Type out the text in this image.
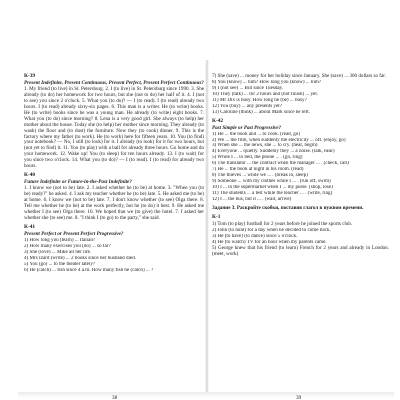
К-39
Present Indefinite, Present Continuous, Present Perfect, Present Perfect Continuous?
1. My friend (to live) in St. Petersburg. 2. I (to live) in St. Petersburg since 1990. 3. She already (to do) her homework for two hours, but she (not to do) her half of it. 4. I (not to see) you since 2 o'clock. 5. What you (to do)? — I (to read). I (to read) already two hours. I (to read) already sixty-six pages. 6. This man is a writer. He (to write) books. He (to write) books since he was a young man. He already (to write) eight books. 7. What you (to do) since morning? 8. Lena is a very good girl. She always (to help) her mother about the house. Today she (to help) her mother since morning. They already (to wash) the floor and (to dust) the furniture. Now they (to cook) dinner. 9. This is the factory where my father (to work). He (to work) here for fifteen years. 10. You (to find) your notebook? — No, I still (to look) for it. I already (to look) for it for two hours, but (not yet to find) it. 11. You (to play) with a ball for already three hours. Go home and do your homework. 12. Wake up! You (to sleep) for ten hours already. 13. I (to wait) for you since two o'clock. 14. What you (to do)? — I (to read). I (to read) for already two hours.
К-40
Future Indefinite or Future-in-the-Past Indefinite?
1. I know we (not to be) late. 2. I asked whether he (to be) at home. 3. "When you (to be) ready?" he asked. 4. I ask my teacher whether he (to be) late. 5. He asked me (to be) at home. 6. I know we (not to be) late. 7. I don't know whether (to see) Olga there. 8. Tell me whether he (to be) at the work perfectly, but he (to do) it best. 9. He asked me whether I (to see) Olga there. 10. We hoped that we (to give) the hotel. 7. I asked her whether she (to see) me. 8. "I think I (to go) to the party," she said.
К-41
Present Perfect or Present Perfect Progressive?
1) How long you (learn) ... Italian?
2) How many exercises you (do) ... so far?
3) She (love) ... Mike all her life.
4) Mrs Izard (write) ... 2 books since her husband died.
5) You (go) ... to the theater lately?
6) He (catch) ... fish since 4 a.m. How many fish he (catch) ... ?
38
7) She (save) ... money for her holiday since January. She (save) ... 300 dollars so far.
8) You (know) ... him? How long you (know) ... him?
9) I (not see) ... Bill since Tuesday.
10) They (talk) ... for 2 hours and (not finish) ... yet.
11) Mr Dix is busy. How long he (be) ... busy?
12) You (buy) ... any presents yet?
13) Caroline (think) ... about Mark since he left.
К-42
Past Simple or Past Progressive?
1) He ... the book and ... to cook. (read, go)
2) We ... the film, when suddenly the electricity ... off. (enjoy, go)
3) When she ... the news, she ... to cry. (hear, begin)
4) Everyone ... quietly. Suddenly they ... a noise. (talk, hear)
5) While I ... to bed, the phone ... . (go, ring)
6) The translator ... the contract when the manager ... . (check, call)
7) He ... the book at night in his room. (read)
8) The thieves ... while we ... . (break in, sleep)
9) Someone ... with my clothes while I ... . (run off, swim)
10) I ... in the supermarket when I ... my purse. (shop, lose)
11) The students ... a test while the teacher ... . (write, ring)
12) I ... the bus, but it ... . (wait, arrive)
Задание 3. Раскройте скобки, поставив глагол в нужном времени.
К-1
1) Tom (to play) football for 2 years before he joined the sports club.
2) John (to hunt) for a day when he decided to come back.
3) He (to have) (to dance) since 5 o'clock.
4) He (to watch) TV for an hour when my parents came.
5) George knew that his friend (to learn) French for 2 years and already in London. (meet, work)
39
